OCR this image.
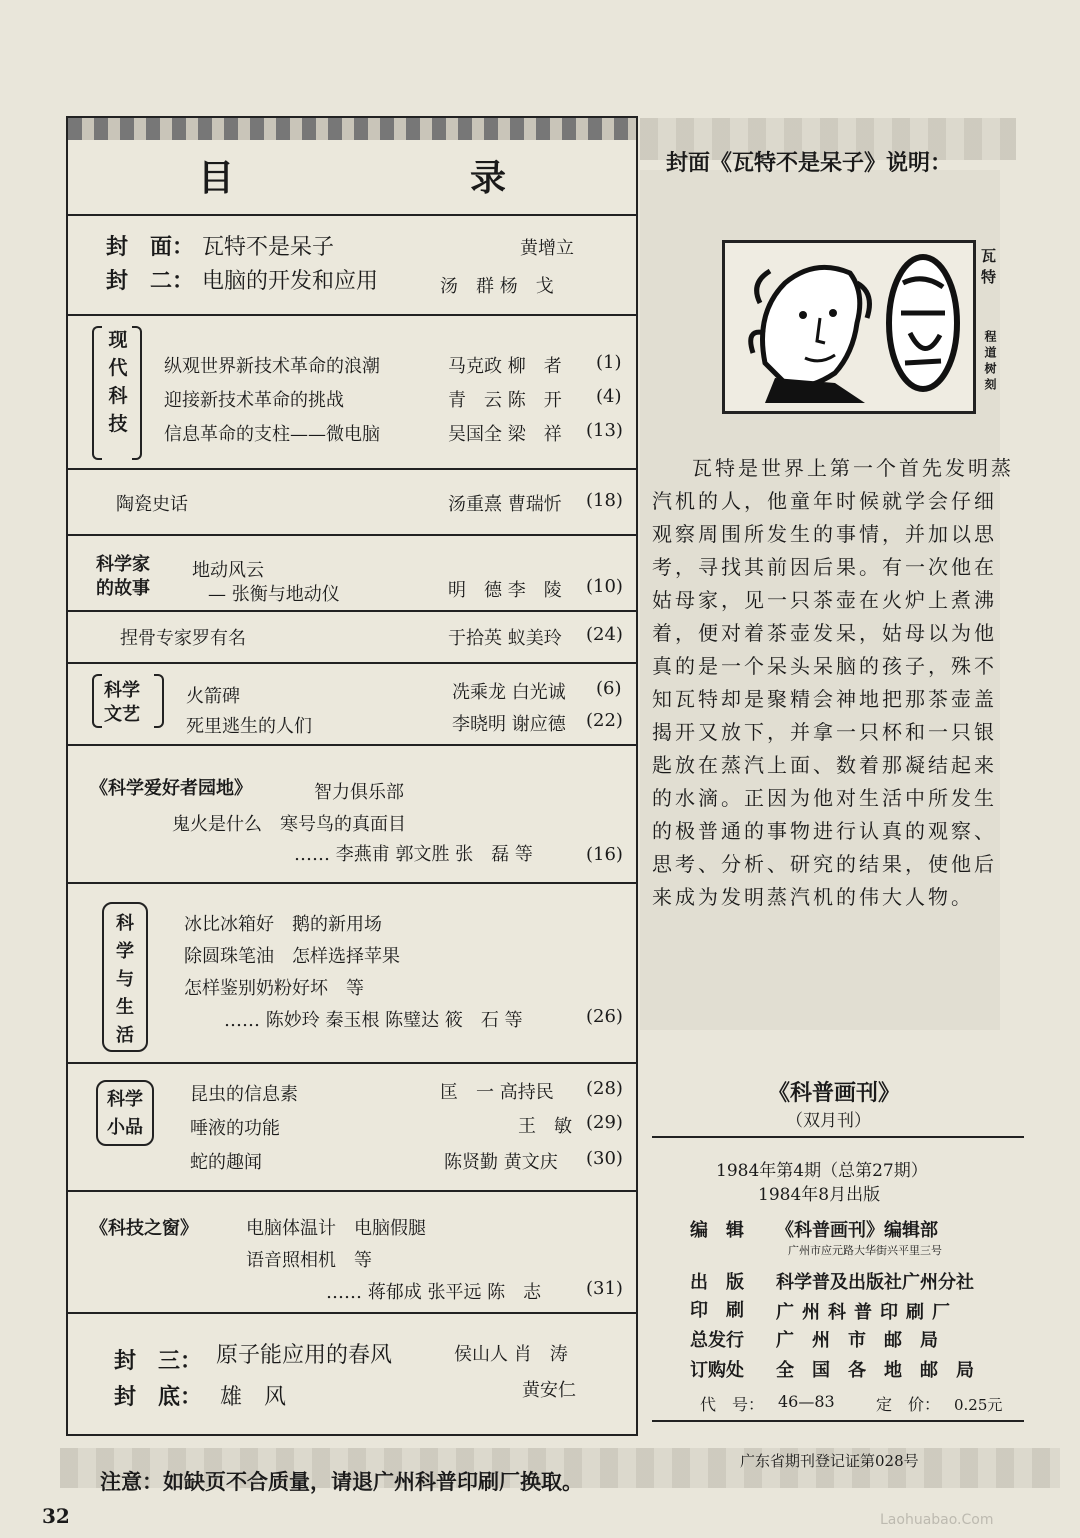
目　录
封　面： 瓦特不是呆子	黄增立
封　二： 电脑的开发和应用	汤　群 杨　戈
现
代
科
技
纵观世界新技术革命的浪潮	马克政 柳　者 (1)
迎接新技术革命的挑战	青　云 陈　开 (4)
信息革命的支柱——微电脑	吴国全 梁　祥 (13)
陶瓷史话	汤重熹 曹瑞忻 (18)
科学家
的故事
地动风云
— 张衡与地动仪	明　德 李　陵 (10)
捏骨专家罗有名	于拾英 蚁美玲 (24)
科学
文艺
火箭碑	冼乘龙 白光诚 (6)
死里逃生的人们	李晓明 谢应德 (22)
《科学爱好者园地》	智力俱乐部
鬼火是什么　寒号鸟的真面目
…… 李燕甫 郭文胜 张　磊 等	(16)
科
学
与
生
活
冰比冰箱好　鹅的新用场
除圆珠笔油　怎样选择苹果
怎样鉴别奶粉好坏　等
…… 陈妙玲 秦玉根 陈璧达 筱　石 等	(26)
科学
小品
昆虫的信息素	匡　一 高持民 (28)
唾液的功能	王　敏 (29)
蛇的趣闻	陈贤勤 黄文庆 (30)
《科技之窗》	电脑体温计　电脑假腿
语音照相机　等
…… 蒋郁成 张平远 陈　志 (31)
封　三： 原子能应用的春风	侯山人 肖　涛
封　底： 雄　风	黄安仁
封面《瓦特不是呆子》说明：
瓦特
程道树刻
瓦特是世界上第一个首先发明蒸汽机的人，他童年时候就学会仔细观察周围所发生的事情，并加以思考，寻找其前因后果。有一次他在姑母家，见一只茶壶在火炉上煮沸着，便对着茶壶发呆，姑母以为他真的是一个呆头呆脑的孩子，殊不知瓦特却是聚精会神地把那茶壶盖揭开又放下，并拿一只杯和一只银匙放在蒸汽上面、数着那凝结起来的水滴。正因为他对生活中所发生的极普通的事物进行认真的观察、思考、分析、研究的结果，使他后来成为发明蒸汽机的伟大人物。
《科普画刊》
（双月刊）
1984年第4期（总第27期）
1984年8月出版
编　辑 《科普画刊》编辑部
广州市应元路大华街兴平里三号
出　版 科学普及出版社广州分社
印　刷 广州科普印刷厂
总发行 广　州　市　邮　局
订购处 全　国　各　地　邮　局
代　号： 46—83	定　价： 0.25元
广东省期刊登记证第028号
注意：如缺页不合质量，请退广州科普印刷厂换取。
32	Laohuabao.Com
